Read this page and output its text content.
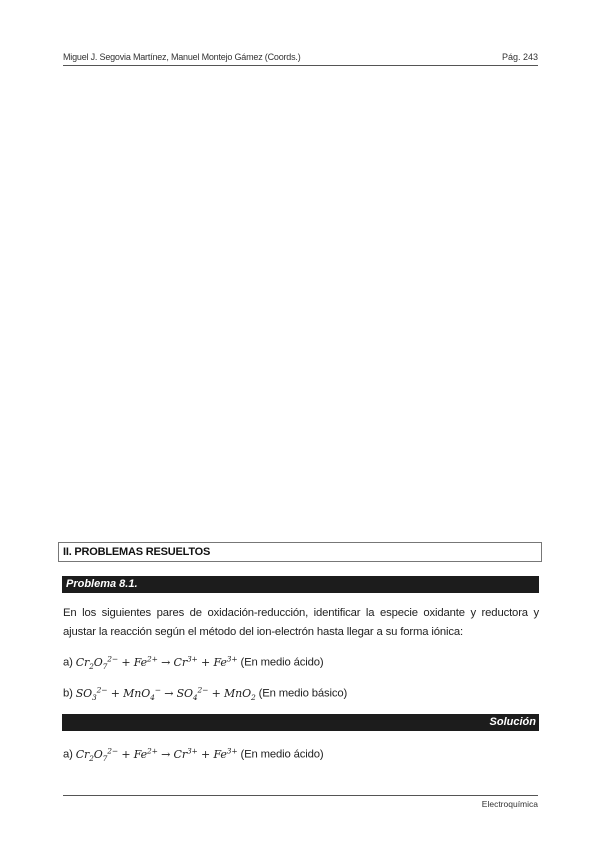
Miguel J. Segovia Martínez, Manuel Montejo Gámez (Coords.)	Pág. 243
II. PROBLEMAS RESUELTOS
Problema 8.1.
En los siguientes pares de oxidación-reducción, identificar la especie oxidante y reductora y ajustar la reacción según el método del ion-electrón hasta llegar a su forma iónica:
a) $Cr_2O_7^{2-} + Fe^{2+} \to Cr^{3+} + Fe^{3+}$ (En medio ácido)
b) $SO_3^{2-} + MnO_4^- \to SO_4^{2-} + MnO_2$ (En medio básico)
Solución
a) $Cr_2O_7^{2-} + Fe^{2+} \to Cr^{3+} + Fe^{3+}$ (En medio ácido)
Electroquímica
